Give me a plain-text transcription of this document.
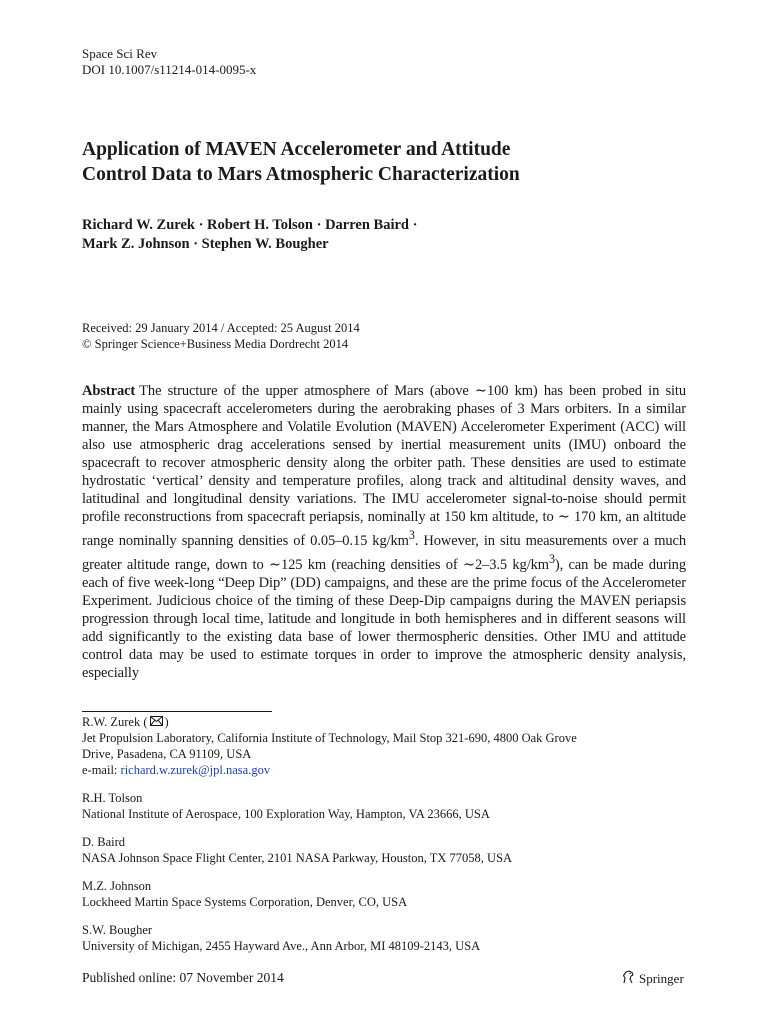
Space Sci Rev
DOI 10.1007/s11214-014-0095-x
Application of MAVEN Accelerometer and Attitude
Control Data to Mars Atmospheric Characterization
Richard W. Zurek · Robert H. Tolson · Darren Baird ·
Mark Z. Johnson · Stephen W. Bougher
Received: 29 January 2014 / Accepted: 25 August 2014
© Springer Science+Business Media Dordrecht 2014

Abstract The structure of the upper atmosphere of Mars (above ∼100 km) has been probed in situ mainly using spacecraft accelerometers during the aerobraking phases of 3 Mars orbiters. In a similar manner, the Mars Atmosphere and Volatile Evolution (MAVEN) Accelerometer Experiment (ACC) will also use atmospheric drag accelerations sensed by inertial measurement units (IMU) onboard the spacecraft to recover atmospheric density along the orbiter path. These densities are used to estimate hydrostatic ‘vertical’ density and temperature profiles, along track and altitudinal density waves, and latitudinal and longitudinal density variations. The IMU accelerometer signal-to-noise should permit profile reconstructions from spacecraft periapsis, nominally at 150 km altitude, to ∼ 170 km, an altitude range nominally spanning densities of 0.05–0.15 $kg/km^3$. However, in situ measurements over a much greater altitude range, down to ∼125 km (reaching densities of ∼2–3.5 $kg/km^3$), can be made during each of five week-long “Deep Dip” (DD) campaigns, and these are the prime focus of the Accelerometer Experiment. Judicious choice of the timing of these Deep-Dip campaigns during the MAVEN periapsis progression through local time, latitude and longitude in both hemispheres and in different seasons will add significantly to the existing data base of lower thermospheric densities. Other IMU and attitude control data may be used to estimate torques in order to improve the atmospheric density analysis, especially

R.W. Zurek ( )
Jet Propulsion Laboratory, California Institute of Technology, Mail Stop 321-690, 4800 Oak Grove
Drive, Pasadena, CA 91109, USA
e-mail: richard.w.zurek@jpl.nasa.gov
R.H. Tolson
National Institute of Aerospace, 100 Exploration Way, Hampton, VA 23666, USA
D. Baird
NASA Johnson Space Flight Center, 2101 NASA Parkway, Houston, TX 77058, USA
M.Z. Johnson
Lockheed Martin Space Systems Corporation, Denver, CO, USA
S.W. Bougher
University of Michigan, 2455 Hayward Ave., Ann Arbor, MI 48109-2143, USA
Published online: 07 November 2014	Springer
